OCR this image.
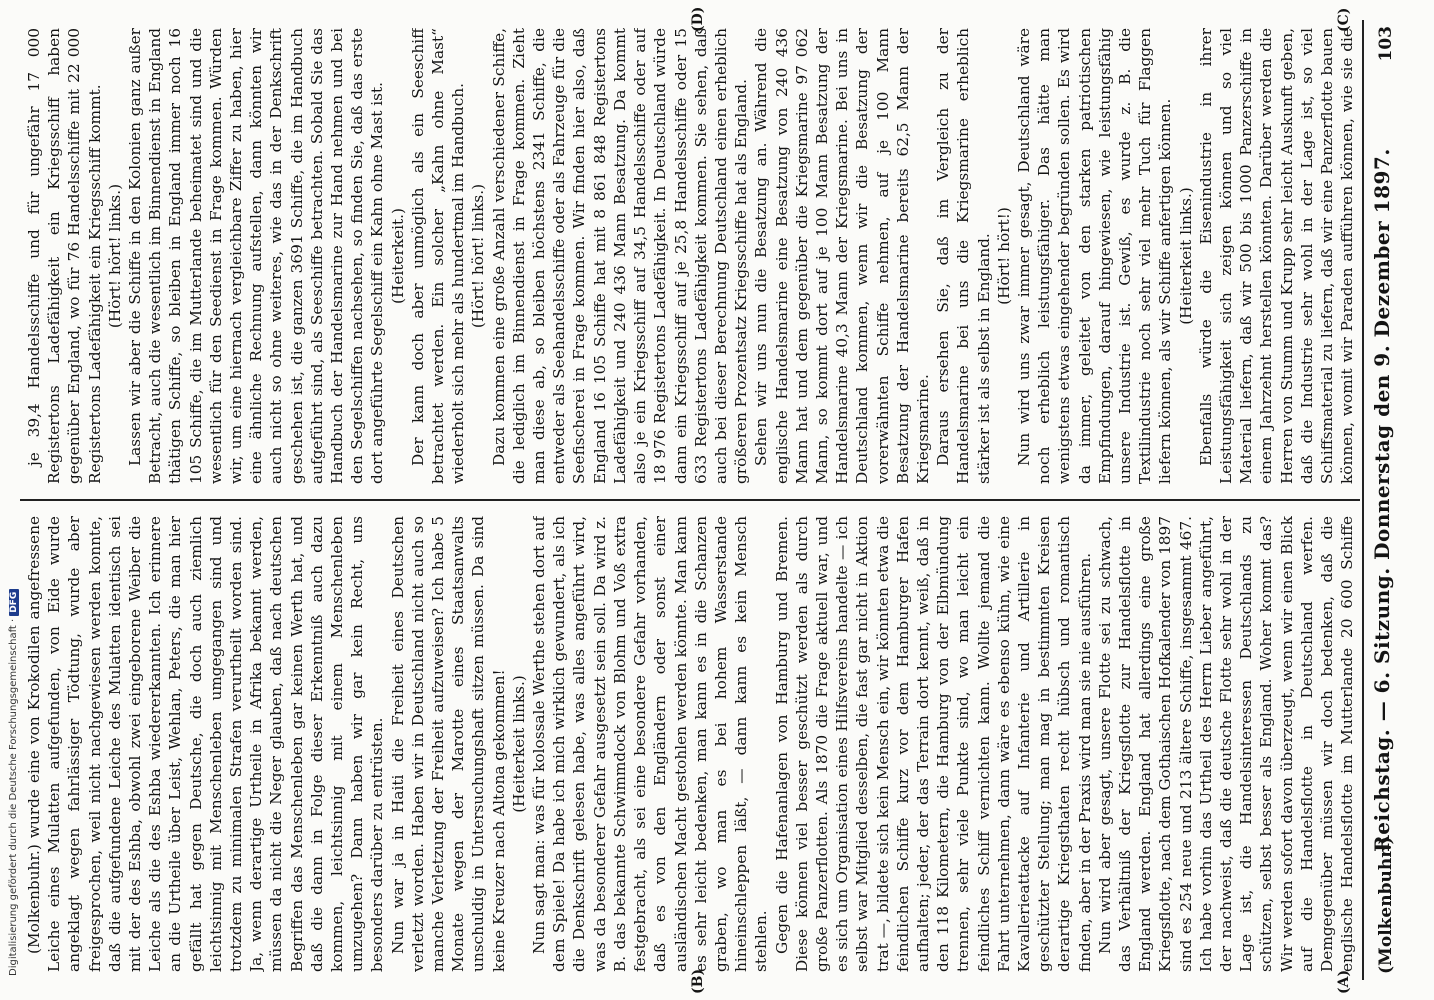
(Molkenbuhr.)
Reichstag. — 6. Sitzung. Donnerstag den 9. Dezember 1897.
103
(A)
(B)
(C)
(D)

(Molkenbuhr.) wurde eine von Krokodilen angefressene Leiche eines Mulatten aufgefunden, von Eide wurde angeklagt wegen fahrlässiger Tödtung, wurde aber freigesprochen, weil nicht nachgewiesen werden konnte, daß die aufgefundene Leiche des Mulatten identisch sei mit der des Eshba, obwohl zwei eingeborene Weiber die Leiche als die des Eshba wiedererkannten. Ich erinnere an die Urtheile über Leist, Wehlan, Peters, die man hier gefällt hat gegen Deutsche, die doch auch ziemlich leichtsinnig mit Menschenleben umgegangen sind und trotzdem zu minimalen Strafen verurtheilt worden sind. Ja, wenn derartige Urtheile in Afrika bekannt werden, müssen da nicht die Neger glauben, daß nach deutschen Begriffen das Menschenleben gar keinen Werth hat, und daß die dann in Folge dieser Erkenntniß auch dazu kommen, leichtsinnig mit einem Menschenleben umzugehen? Dann haben wir gar kein Recht, uns besonders darüber zu entrüsten. Nun war ja in Haiti die Freiheit eines Deutschen verletzt worden. Haben wir in Deutschland nicht auch so manche Verletzung der Freiheit aufzuweisen? Ich habe 5 Monate wegen der Marotte eines Staatsanwalts unschuldig in Untersuchungshaft sitzen müssen. Da sind keine Kreuzer nach Altona gekommen! (Heiterkeit links.) Nun sagt man: was für kolossale Werthe stehen dort auf dem Spiele! Da habe ich mich wirklich gewundert, als ich die Denkschrift gelesen habe, was alles angeführt wird, was da besonderer Gefahr ausgesetzt sein soll. Da wird z. B. das bekannte Schwimmdock von Blohm und Voß extra festgebracht, als sei eine besondere Gefahr vorhanden, daß es von den Engländern oder sonst einer ausländischen Macht gestohlen werden könnte. Man kann es sehr leicht bedenken, man kann es in die Schanzen graben, wo man es bei hohem Wasserstande hineinschleppen läßt, — dann kann es kein Mensch stehlen. Gegen die Hafenanlagen von Hamburg und Bremen. Diese können viel besser geschützt werden als durch große Panzerflotten. Als 1870 die Frage aktuell war, und es sich um Organisation eines Hilfsvereins handelte — ich selbst war Mitglied desselben, die fast gar nicht in Aktion trat —, bildete sich kein Mensch ein, wir könnten etwa die feindlichen Schiffe kurz vor dem Hamburger Hafen aufhalten; jeder, der das Terrain dort kennt, weiß, daß in den 118 Kilometern, die Hamburg von der Elbmündung trennen, sehr viele Punkte sind, wo man leicht ein feindliches Schiff vernichten kann. Wollte jemand die Fahrt unternehmen, dann wäre es ebenso kühn, wie eine Kavallerieattacke auf Infanterie und Artillerie in geschützter Stellung; man mag in bestimmten Kreisen derartige Kriegsthaten recht hübsch und romantisch finden, aber in der Praxis wird man sie nie ausführen. Nun wird aber gesagt, unsere Flotte sei zu schwach, das Verhältniß der Kriegsflotte zur Handelsflotte in England werden. England hat allerdings eine große Kriegsflotte, nach dem Gothaischen Hofkalender von 1897 sind es 254 neue und 213 ältere Schiffe, insgesammt 467. Ich habe vorhin das Urtheil des Herrn Lieber angeführt, der nachweist, daß die deutsche Flotte sehr wohl in der Lage ist, die Handelsinteressen Deutschlands zu schützen, selbst besser als England. Woher kommt das? Wir werden sofort davon überzeugt, wenn wir einen Blick auf die Handelsflotte in Deutschland werfen. Demgegenüber müssen wir doch bedenken, daß die englische Handelsflotte im Mutterlande 20 600 Schiffe

je 39,4 Handelsschiffe und für ungefähr 17 000 Registertons Ladefähigkeit ein Kriegsschiff haben gegenüber England, wo für 76 Handelsschiffe mit 22 000 Registertons Ladefähigkeit ein Kriegsschiff kommt. (Hört! hört! links.) Lassen wir aber die Schiffe in den Kolonien ganz außer Betracht, auch die wesentlich im Binnendienst in England thätigen Schiffe, so bleiben in England immer noch 16 105 Schiffe, die im Mutterlande beheimatet sind und die wesentlich für den Seedienst in Frage kommen. Würden wir, um eine hiernach vergleichbare Ziffer zu haben, hier eine ähnliche Rechnung aufstellen, dann könnten wir auch nicht so ohne weiteres, wie das in der Denkschrift geschehen ist, die ganzen 3691 Schiffe, die im Handbuch aufgeführt sind, als Seeschiffe betrachten. Sobald Sie das Handbuch der Handelsmarine zur Hand nehmen und bei den Segelschiffen nachsehen, so finden Sie, daß das erste dort angeführte Segelschiff ein Kahn ohne Mast ist. (Heiterkeit.) Der kann doch aber unmöglich als ein Seeschiff betrachtet werden. Ein solcher „Kahn ohne Mast“ wiederholt sich mehr als hundertmal im Handbuch. (Hört! hört! links.) Dazu kommen eine große Anzahl verschiedener Schiffe, die lediglich im Binnendienst in Frage kommen. Zieht man diese ab, so bleiben höchstens 2341 Schiffe, die entweder als Seehandelsschiffe oder als Fahrzeuge für die Seefischerei in Frage kommen. Wir finden hier also, daß England 16 105 Schiffe hat mit 8 861 848 Registertons Ladefähigkeit und 240 436 Mann Besatzung. Da kommt also je ein Kriegsschiff auf 34,5 Handelsschiffe oder auf 18 976 Registertons Ladefähigkeit. In Deutschland würde dann ein Kriegsschiff auf je 25,8 Handelsschiffe oder 15 633 Registertons Ladefähigkeit kommen. Sie sehen, daß auch bei dieser Berechnung Deutschland einen erheblich größeren Prozentsatz Kriegsschiffe hat als England. Sehen wir uns nun die Besatzung an. Während die englische Handelsmarine eine Besatzung von 240 436 Mann hat und dem gegenüber die Kriegsmarine 97 062 Mann, so kommt dort auf je 100 Mann Besatzung der Handelsmarine 40,3 Mann der Kriegsmarine. Bei uns in Deutschland kommen, wenn wir die Besatzung der vorerwähnten Schiffe nehmen, auf je 100 Mann Besatzung der Handelsmarine bereits 62,5 Mann der Kriegsmarine. Daraus ersehen Sie, daß im Vergleich zu der Handelsmarine bei uns die Kriegsmarine erheblich stärker ist als selbst in England. (Hört! hört!) Nun wird uns zwar immer gesagt, Deutschland wäre noch erheblich leistungsfähiger. Das hätte man wenigstens etwas eingehender begründen sollen. Es wird da immer, geleitet von den starken patriotischen Empfindungen, darauf hingewiesen, wie leistungsfähig unsere Industrie ist. Gewiß, es wurde z. B. die Textilindustrie noch sehr viel mehr Tuch für Flaggen liefern können, als wir Schiffe anfertigen können. (Heiterkeit links.)

Ebenfalls würde die Eisenindustrie in ihrer Leistungsfähigkeit sich zeigen können und so viel Material liefern, daß wir 500 bis 1000 Panzerschiffe in einem Jahrzehnt herstellen könnten. Darüber werden die Herren von Stumm und Krupp sehr leicht Auskunft geben, daß die Industrie sehr wohl in der Lage ist, so viel Schiffsmaterial zu liefern, daß wir eine Panzerflotte bauen können, womit wir Paraden aufführen können, wie sie die

Digitalisierung gefördert durch die Deutsche Forschungsgemeinschaft ·DFG
